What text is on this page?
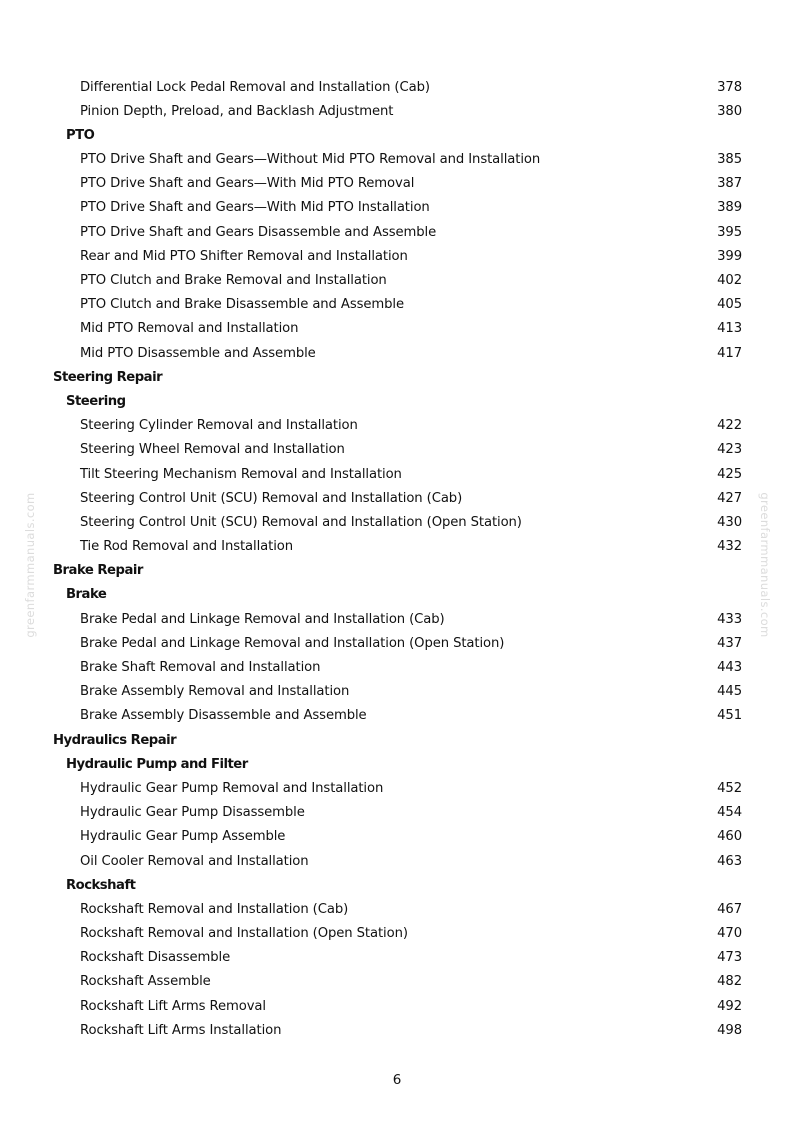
Differential Lock Pedal Removal and Installation (Cab)	378
Pinion Depth, Preload, and Backlash Adjustment	380
PTO
PTO Drive Shaft and Gears—Without Mid PTO Removal and Installation	385
PTO Drive Shaft and Gears—With Mid PTO Removal	387
PTO Drive Shaft and Gears—With Mid PTO Installation	389
PTO Drive Shaft and Gears Disassemble and Assemble	395
Rear and Mid PTO Shifter Removal and Installation	399
PTO Clutch and Brake Removal and Installation	402
PTO Clutch and Brake Disassemble and Assemble	405
Mid PTO Removal and Installation	413
Mid PTO Disassemble and Assemble	417
Steering Repair
Steering
Steering Cylinder Removal and Installation	422
Steering Wheel Removal and Installation	423
Tilt Steering Mechanism Removal and Installation	425
Steering Control Unit (SCU) Removal and Installation (Cab)	427
Steering Control Unit (SCU) Removal and Installation (Open Station)	430
Tie Rod Removal and Installation	432
Brake Repair
Brake
Brake Pedal and Linkage Removal and Installation (Cab)	433
Brake Pedal and Linkage Removal and Installation (Open Station)	437
Brake Shaft Removal and Installation	443
Brake Assembly Removal and Installation	445
Brake Assembly Disassemble and Assemble	451
Hydraulics Repair
Hydraulic Pump and Filter
Hydraulic Gear Pump Removal and Installation	452
Hydraulic Gear Pump Disassemble	454
Hydraulic Gear Pump Assemble	460
Oil Cooler Removal and Installation	463
Rockshaft
Rockshaft Removal and Installation (Cab)	467
Rockshaft Removal and Installation (Open Station)	470
Rockshaft Disassemble	473
Rockshaft Assemble	482
Rockshaft Lift Arms Removal	492
Rockshaft Lift Arms Installation	498
greenfarmmanuals.com	greenfarmmanuals.com
6
